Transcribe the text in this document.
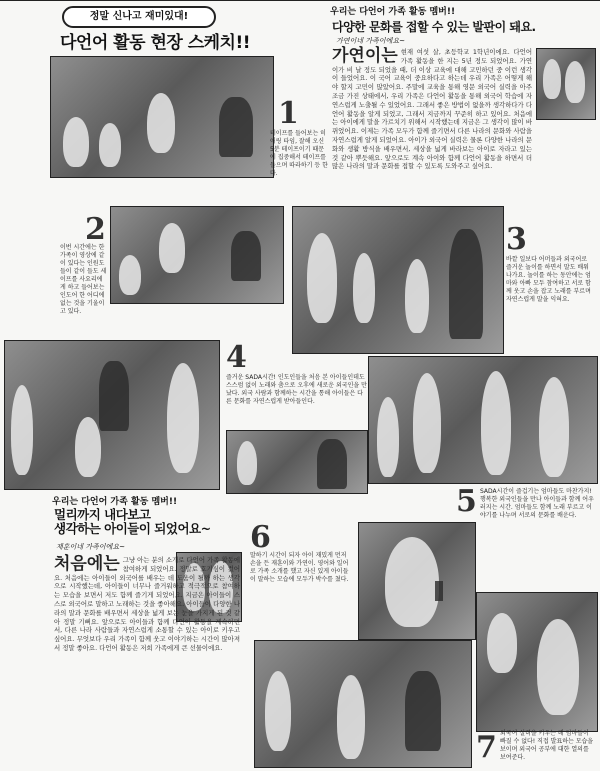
정말 신나고 재미있대!
다언어 활동 현장 스케치!!
우리는 다언어 가족 활동 멤버!!
다양한 문화를 접할 수 있는 발판이 돼요.
가연이네 가족이에요~
가연이는 현재 여섯 살, 초등학교 1학년이에요. 다언어 가족 활동을 한 지는 5년 정도 되었어요. 가연이가 비 날 정도 되었을 때, 더 이상 교육에 대해 고민하던 중 이런 생각이 들었어요. 이 국어 교육이 중요하다고 하는데 우리 가족은 어떻게 해야 할지 고민이 많았어요. 주말에 교육을 통해 영문 외국어 실력을 아주 조금 가진 상태에서, 우리 가족은 다언어 활동을 통해 외국어 학습에 자연스럽게 노출될 수 있었어요. 그래서 좋은 방법이 없을까 생각하다가 다언어 활동을 알게 되었고, 그래서 지금까지 꾸준히 하고 있어요. 처음에는 아이에게 말을 가르치기 위해서 시작했는데 지금은 그 생각이 많이 바뀌었어요. 이제는 가족 모두가 함께 즐기면서 다른 나라의 문화와 사람을 자연스럽게 알게 되었어요. 아이가 외국어 실력은 물론 다양한 나라의 문화와 생활 방식을 배우면서, 세상을 넓게 바라보는 아이로 자라고 있는 것 같아 뿌듯해요. 앞으로도 계속 아이와 함께 다언어 활동을 하면서 더 많은 나라의 말과 문화를 접할 수 있도록 도와주고 싶어요.
1
테이프를 들어보는 히어링 타임, 잘해 오신 5분 테이프이기 때문에 집중해서 테이프를 들으며 따라하기 등 한다.
2
이번 시간에는 한 가족이 영상에 같이 있다는 인원도들이 같이 들도 세이프를 사요리에게 하고 들어보는 인도어 한 어디에 없는 것을 기울이고 있다.
3
바깥 일보다 어머들과 외국어로 즐거운 놀이를 하면서 말도 배워 나가요. 놀이를 하는 동안에는 엄마와 아빠 모두 참여하고 서로 함께 웃고 손을 잡고 노래를 부르며 자연스럽게 말을 익혀요.
4
즐거운 SADA시간! 인도인들을 처음 본 아이들인데도 스스럼 없이 노래와 춤으로 오후에 새로운 외국인을 만났다. 외국 사람과 함께하는 시간을 통해 아이들은 다른 문화를 자연스럽게 받아들인다.
5 SADA시간이 즐겁기는 엄마들도 마찬가지! 행복한 외국인들을 만나 아이들과 함께 어우러지는 시간. 엄마들도 함께 노래 부르고 이야기를 나누며 서로의 문화를 배운다.
우리는 다언어 가족 활동 멤버!!
멀리까지 내다보고
생각하는 아이들이 되었어요~
재훈이네 가족이에요~
처음에는 그냥 아는 분의 소개로 다언어 가족 활동에 참여하게 되었어요. 정말로 호기심이 컸어요. 처음에는 아이들이 외국어를 배우는 데 도움이 될까 하는 생각으로 시작했는데, 아이들이 너무나 즐거워하고 적극적으로 참여하는 모습을 보면서 저도 함께 즐기게 되었어요. 지금은 아이들이 스스로 외국어로 말하고 노래하는 것을 좋아해요. 아이들이 다양한 나라의 말과 문화를 배우면서 세상을 넓게 보는 눈을 가지게 된 것 같아 정말 기뻐요. 앞으로도 아이들과 함께 다언어 활동을 계속하면서, 다른 나라 사람들과 자연스럽게 소통할 수 있는 아이로 키우고 싶어요. 무엇보다 우리 가족이 함께 웃고 이야기하는 시간이 많아져서 정말 좋아요. 다언어 활동은 저희 가족에게 큰 선물이에요.
6
말하기 시간이 되자 아이 재밌게 먼저 손을 든 재훈이와 가연이. 영어와 일어로 가족 소개를 했고 자신 있게 아이들이 말하는 모습에 모두가 박수를 쳤다.
7 외국어 실력을 키우는 데 엄마들이 빠질 수 없다! 직접 발표하는 모습을 보이며 외국어 공부에 대한 열의를 보여준다.
